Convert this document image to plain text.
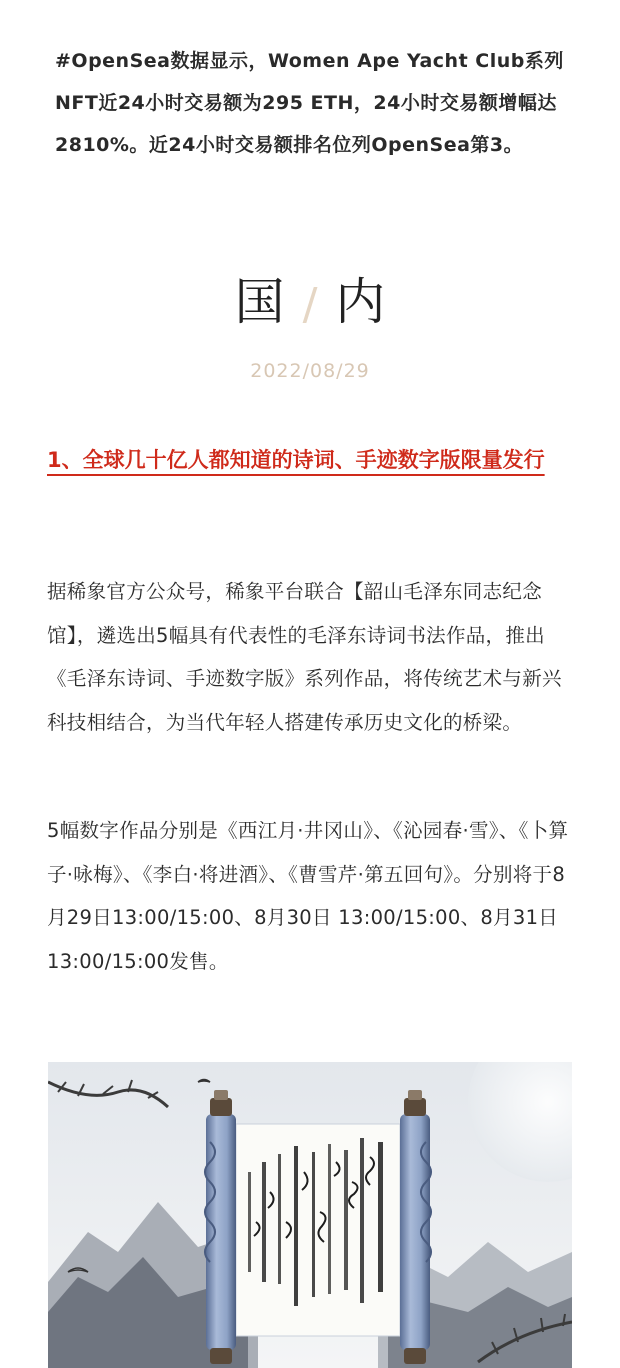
#OpenSea数据显示，Women Ape Yacht Club系列NFT近24小时交易额为295 ETH，24小时交易额增幅达2810%。近24小时交易额排名位列OpenSea第3。
国 / 内
2022/08/29
1、全球几十亿人都知道的诗词、手迹数字版限量发行
据稀象官方公众号，稀象平台联合【韶山毛泽东同志纪念馆】，遴选出5幅具有代表性的毛泽东诗词书法作品，推出《毛泽东诗词、手迹数字版》系列作品，将传统艺术与新兴科技相结合，为当代年轻人搭建传承历史文化的桥梁。
5幅数字作品分别是《西江月·井冈山》、《沁园春·雪》、《卜算子·咏梅》、《李白·将进酒》、《曹雪芹·第五回句》。分别将于8月29日13:00/15:00、8月30日 13:00/15:00、8月31日 13:00/15:00发售。
